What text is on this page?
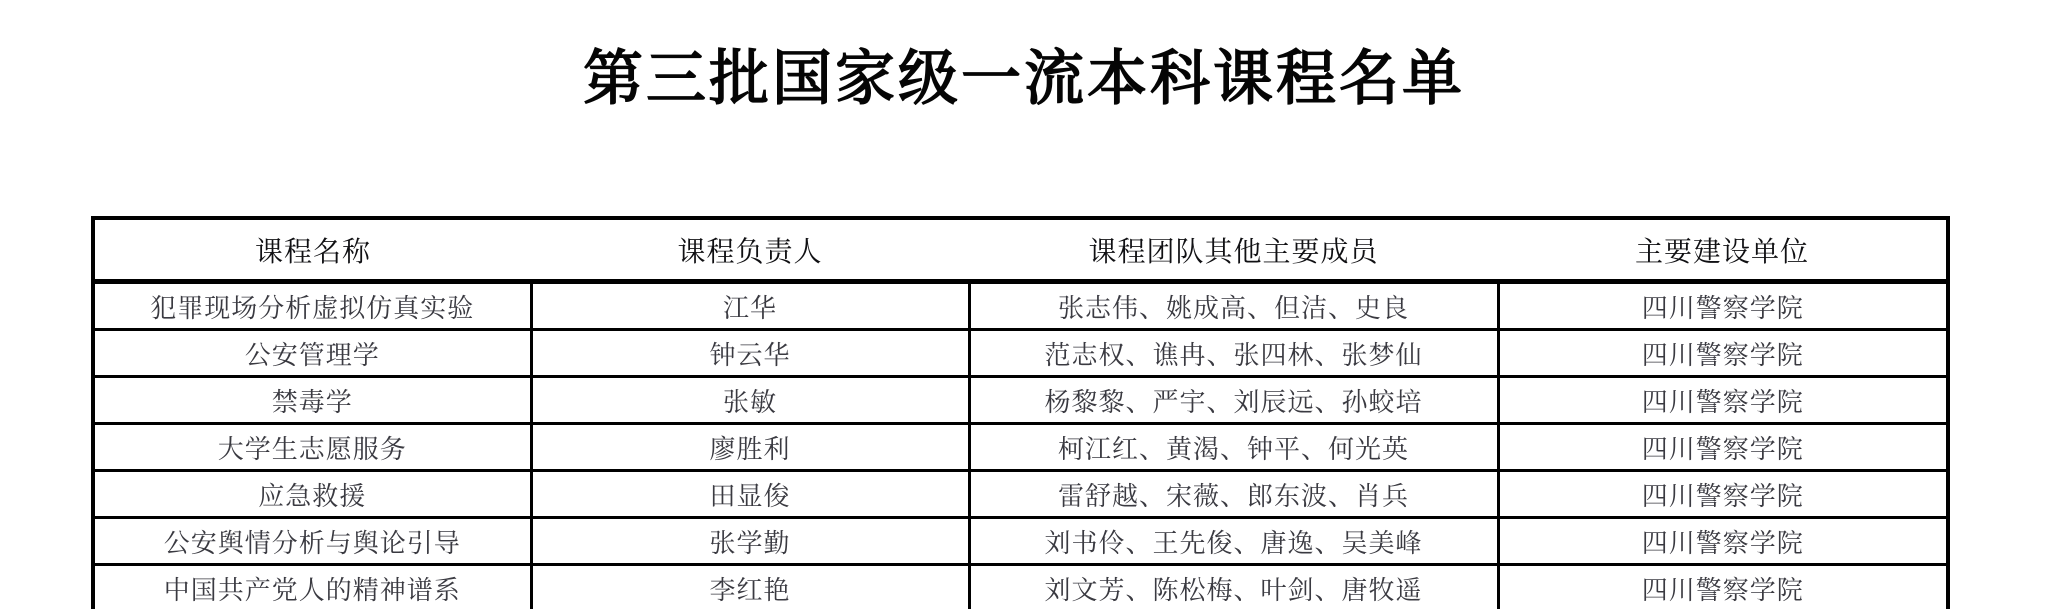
第三批国家级一流本科课程名单
课程名称	课程负责人	课程团队其他主要成员	主要建设单位
犯罪现场分析虚拟仿真实验	江华	张志伟、姚成高、但洁、史良	四川警察学院
公安管理学	钟云华	范志权、谯冉、张四林、张梦仙	四川警察学院
禁毒学	张敏	杨黎黎、严宇、刘辰远、孙蛟培	四川警察学院
大学生志愿服务	廖胜利	柯江红、黄渴、钟平、何光英	四川警察学院
应急救援	田显俊	雷舒越、宋薇、郎东波、肖兵	四川警察学院
公安舆情分析与舆论引导	张学勤	刘书伶、王先俊、唐逸、吴美峰	四川警察学院
中国共产党人的精神谱系	李红艳	刘文芳、陈松梅、叶剑、唐牧遥	四川警察学院
